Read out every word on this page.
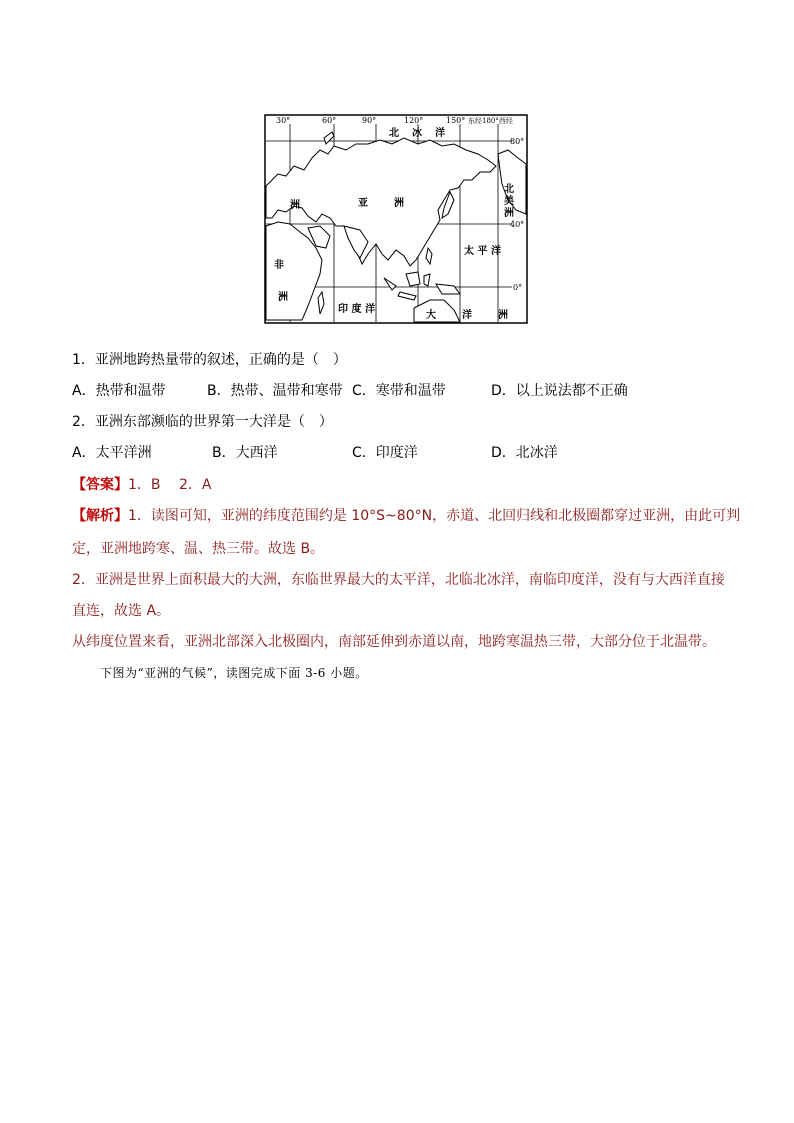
30°	60°	90°	120°	150° 东经180°西经
80°
40°
0°
北 冰 洋
亚	洲
洲
非
洲
北
美
洲
太 平 洋
印 度 洋
大	洋	洲
1．亚洲地跨热量带的叙述，正确的是（　）
A．热带和温带	B．热带、温带和寒带 C．寒带和温带	D．以上说法都不正确
2．亚洲东部濒临的世界第一大洋是（　）
A．太平洋洲	B．大西洋	C．印度洋	D．北冰洋
【答案】1．B　 2．A
【解析】1．读图可知，亚洲的纬度范围约是 10°S~80°N，赤道、北回归线和北极圈都穿过亚洲，由此可判
定，亚洲地跨寒、温、热三带。故选 B。
2．亚洲是世界上面积最大的大洲，东临世界最大的太平洋，北临北冰洋，南临印度洋，没有与大西洋直接
直连，故选 A。
从纬度位置来看，亚洲北部深入北极圈内，南部延伸到赤道以南，地跨寒温热三带，大部分位于北温带。
下图为“亚洲的气候”，读图完成下面 3-6 小题。
